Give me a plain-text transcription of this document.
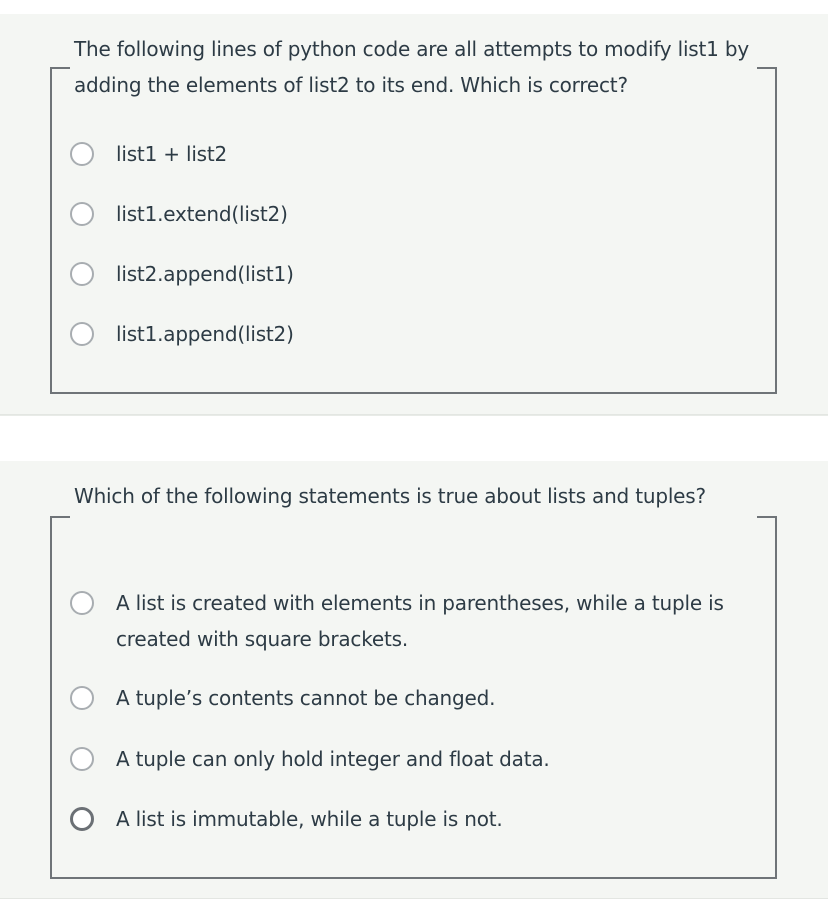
The following lines of python code are all attempts to modify list1 by adding the elements of list2 to its end. Which is correct?
list1 + list2
list1.extend(list2)
list2.append(list1)
list1.append(list2)
Which of the following statements is true about lists and tuples?
A list is created with elements in parentheses, while a tuple is created with square brackets.
A tuple’s contents cannot be changed.
A tuple can only hold integer and float data.
A list is immutable, while a tuple is not.
